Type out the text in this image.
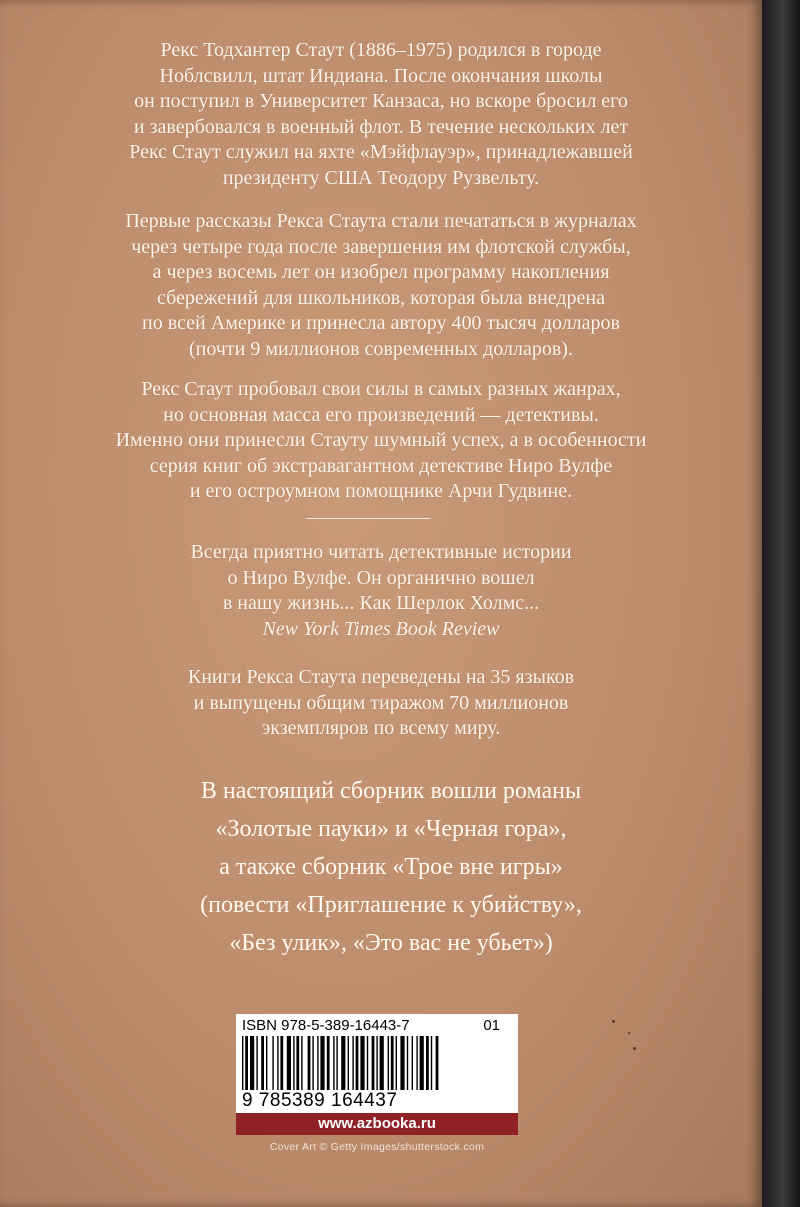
Рекс Тодхантер Стаут (1886–1975) родился в городе
Ноблсвилл, штат Индиана. После окончания школы
он поступил в Университет Канзаса, но вскоре бросил его
и завербовался в военный флот. В течение нескольких лет
Рекс Стаут служил на яхте «Мэйфлауэр», принадлежавшей
президенту США Теодору Рузвельту.
Первые рассказы Рекса Стаута стали печататься в журналах
через четыре года после завершения им флотской службы,
а через восемь лет он изобрел программу накопления
сбережений для школьников, которая была внедрена
по всей Америке и принесла автору 400 тысяч долларов
(почти 9 миллионов современных долларов).
Рекс Стаут пробовал свои силы в самых разных жанрах,
но основная масса его произведений — детективы.
Именно они принесли Стауту шумный успех, а в особенности
серия книг об экстравагантном детективе Ниро Вулфе
и его остроумном помощнике Арчи Гудвине.
Всегда приятно читать детективные истории
о Ниро Вулфе. Он органично вошел
в нашу жизнь... Как Шерлок Холмс...
New York Times Book Review
Книги Рекса Стаута переведены на 35 языков
и выпущены общим тиражом 70 миллионов
экземпляров по всему миру.
В настоящий сборник вошли романы
«Золотые пауки» и «Черная гора»,
а также сборник «Трое вне игры»
(повести «Приглашение к убийству»,
«Без улик», «Это вас не убьет»)
ISBN 978-5-389-16443-7	01
9 785389 164437
www.azbooka.ru
Cover Art © Getty Images/shutterstock.com
